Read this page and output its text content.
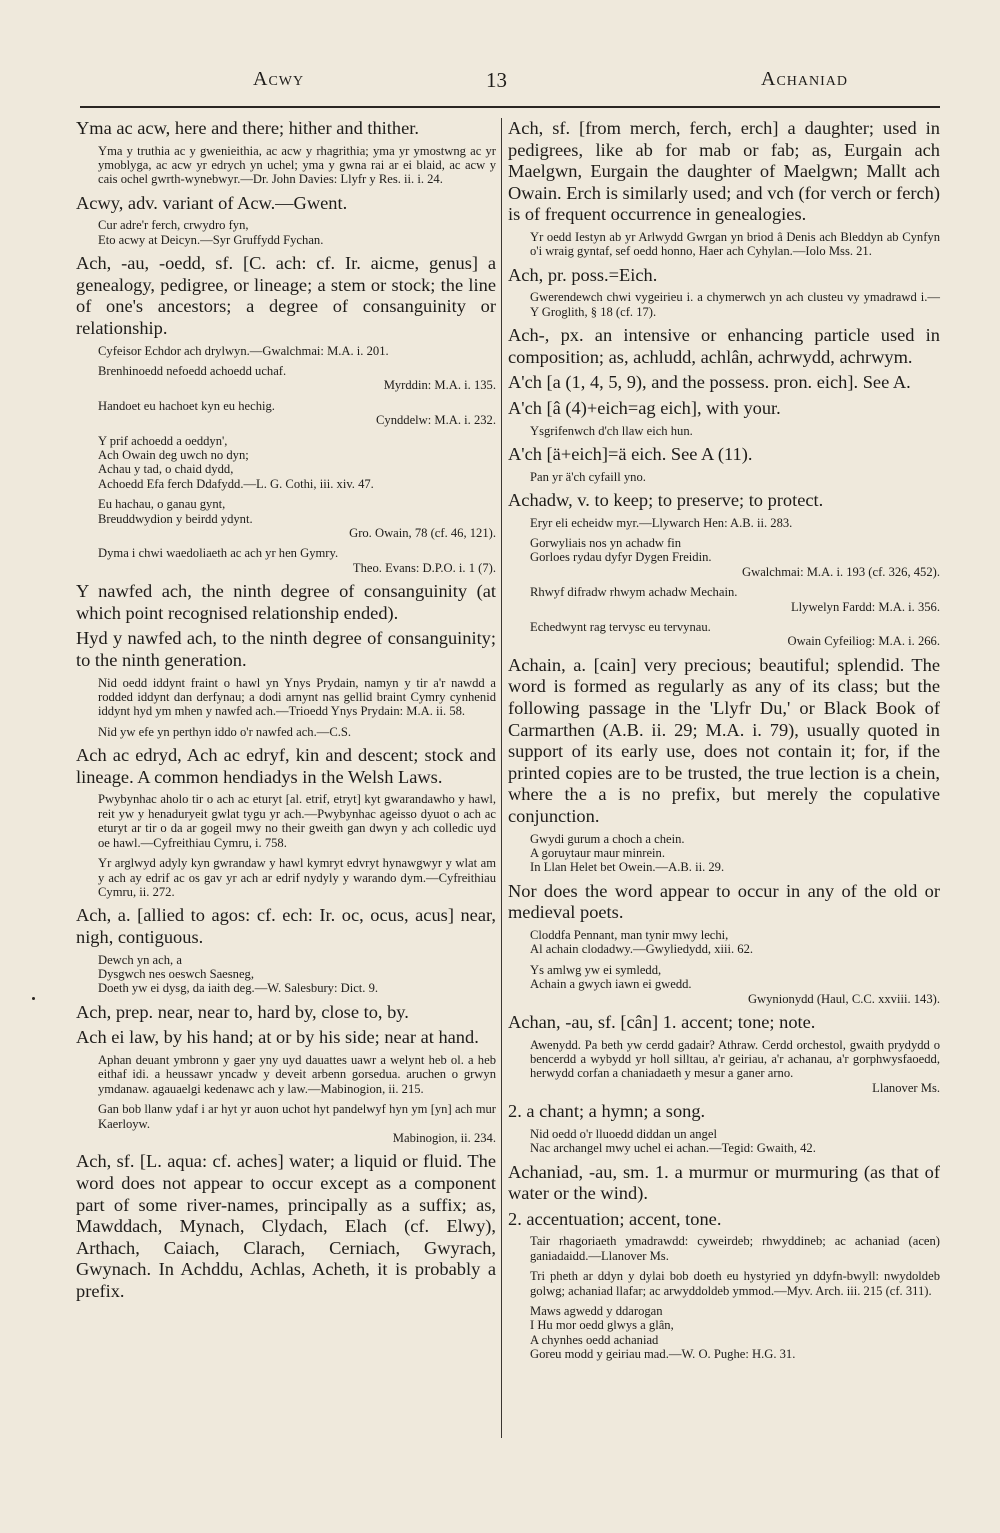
Acwy	13	Achaniad

Yma ac acw, here and there; hither and thither.

Yma y truthia ac y gwenieithia, ac acw y rhagrithia; yma yr ymostwng ac yr ymoblyga, ac acw yr edrych yn uchel; yma y gwna rai ar ei blaid, ac acw y cais ochel gwrth-wynebwyr.—Dr. John Davies: Llyfr y Res. ii. i. 24.

Acwy, adv. variant of Acw.—Gwent.

Cur adre'r ferch, crwydro fyn,
Eto acwy at Deicyn.—Syr Gruffydd Fychan.

Ach, -au, -oedd, sf. [C. ach: cf. Ir. aicme, genus] a genealogy, pedigree, or lineage; a stem or stock; the line of one's ancestors; a degree of consanguinity or relationship.

Cyfeisor Echdor ach drylwyn.—Gwalchmai: M.A. i. 201.
Brenhinoedd nefoedd achoedd uchaf.
Myrddin: M.A. i. 135.
Handoet eu hachoet kyn eu hechig.
Cynddelw: M.A. i. 232.
Y prif achoedd a oeddyn',
Ach Owain deg uwch no dyn;
Achau y tad, o chaid dydd,
Achoedd Efa ferch Ddafydd.—L. G. Cothi, iii. xiv. 47.
Eu hachau, o ganau gynt,
Breuddwydion y beirdd ydynt.
Gro. Owain, 78 (cf. 46, 121).
Dyma i chwi waedoliaeth ac ach yr hen Gymry.
Theo. Evans: D.P.O. i. 1 (7).

Y nawfed ach, the ninth degree of consanguinity (at which point recognised relationship ended).

Hyd y nawfed ach, to the ninth degree of consanguinity; to the ninth generation.

Nid oedd iddynt fraint o hawl yn Ynys Prydain, namyn y tir a'r nawdd a rodded iddynt dan derfynau; a dodi arnynt nas gellid braint Cymry cynhenid iddynt hyd ym mhen y nawfed ach.—Trioedd Ynys Prydain: M.A. ii. 58.
Nid yw efe yn perthyn iddo o'r nawfed ach.—C.S.

Ach ac edryd, Ach ac edryf, kin and descent; stock and lineage. A common hendiadys in the Welsh Laws.

Pwybynhac aholo tir o ach ac eturyt [al. etrif, etryt] kyt gwarandawho y hawl, reit yw y henaduryeit gwlat tygu yr ach.—Pwybynhac ageisso dyuot o ach ac eturyt ar tir o da ar gogeil mwy no their gweith gan dwyn y ach colledic uyd oe hawl.—Cyfreithiau Cymru, i. 758.
Yr arglwyd adyly kyn gwrandaw y hawl kymryt edvryt hynawgwyr y wlat am y ach ay edrif ac os gav yr ach ar edrif nydyly y warando dym.—Cyfreithiau Cymru, ii. 272.

Ach, a. [allied to agos: cf. ech: Ir. oc, ocus, acus] near, nigh, contiguous.

Dewch yn ach, a
Dysgwch nes oeswch Saesneg,
Doeth yw ei dysg, da iaith deg.—W. Salesbury: Dict. 9.

Ach, prep. near, near to, hard by, close to, by.

Ach ei law, by his hand; at or by his side; near at hand.

Aphan deuant ymbronn y gaer yny uyd dauattes uawr a welynt heb ol. a heb eithaf idi. a heussawr yncadw y deveit arbenn gorsedua. aruchen o grwyn ymdanaw. agauaelgi kedenawc ach y law.—Mabinogion, ii. 215.
Gan bob llanw ydaf i ar hyt yr auon uchot hyt pandelwyf hyn ym [yn] ach mur Kaerloyw.
Mabinogion, ii. 234.

Ach, sf. [L. aqua: cf. aches] water; a liquid or fluid. The word does not appear to occur except as a component part of some river-names, principally as a suffix; as, Mawddach, Mynach, Clydach, Elach (cf. Elwy), Arthach, Caiach, Clarach, Cerniach, Gwyrach, Gwynach. In Achddu, Achlas, Acheth, it is probably a prefix.

Ach, sf. [from merch, ferch, erch] a daughter; used in pedigrees, like ab for mab or fab; as, Eurgain ach Maelgwn, Eurgain the daughter of Maelgwn; Mallt ach Owain. Erch is similarly used; and vch (for verch or ferch) is of frequent occurrence in genealogies.

Yr oedd Iestyn ab yr Arlwydd Gwrgan yn briod â Denis ach Bleddyn ab Cynfyn o'i wraig gyntaf, sef oedd honno, Haer ach Cyhylan.—Iolo Mss. 21.

Ach, pr. poss.=Eich.

Gwerendewch chwi vygeirieu i. a chymerwch yn ach clusteu vy ymadrawd i.—Y Groglith, § 18 (cf. 17).

Ach-, px. an intensive or enhancing particle used in composition; as, achludd, achlân, achrwydd, achrwym.

A'ch [a (1, 4, 5, 9), and the possess. pron. eich]. See A.

A'ch [â (4)+eich=ag eich], with your.

Ysgrifenwch d'ch llaw eich hun.

A'ch [ä+eich]=ä eich. See A (11).

Pan yr ä'ch cyfaill yno.

Achadw, v. to keep; to preserve; to protect.

Eryr eli echeidw myr.—Llywarch Hen: A.B. ii. 283.
Gorwyliais nos yn achadw fin
Gorloes rydau dyfyr Dygen Freidin.
Gwalchmai: M.A. i. 193 (cf. 326, 452).
Rhwyf difradw rhwym achadw Mechain.
Llywelyn Fardd: M.A. i. 356.
Echedwynt rag tervysc eu tervynau.
Owain Cyfeiliog: M.A. i. 266.

Achain, a. [cain] very precious; beautiful; splendid. The word is formed as regularly as any of its class; but the following passage in the 'Llyfr Du,' or Black Book of Carmarthen (A.B. ii. 29; M.A. i. 79), usually quoted in support of its early use, does not contain it; for, if the printed copies are to be trusted, the true lection is a chein, where the a is no prefix, but merely the copulative conjunction.

Gwydi gurum a choch a chein.
A goruytaur maur minrein.
In Llan Helet bet Owein.—A.B. ii. 29.

Nor does the word appear to occur in any of the old or medieval poets.

Cloddfa Pennant, man tynir mwy lechi,
Al achain clodadwy.—Gwyliedydd, xiii. 62.
Ys amlwg yw ei symledd,
Achain a gwych iawn ei gwedd.
Gwynionydd (Haul, C.C. xxviii. 143).

Achan, -au, sf. [cân] 1. accent; tone; note.

Awenydd. Pa beth yw cerdd gadair? Athraw. Cerdd orchestol, gwaith prydydd o bencerdd a wybydd yr holl silltau, a'r geiriau, a'r achanau, a'r gorphwysfaoedd, herwydd corfan a chaniadaeth y mesur a ganer arno.
Llanover Ms.

2. a chant; a hymn; a song.

Nid oedd o'r lluoedd diddan un angel
Nac archangel mwy uchel ei achan.—Tegid: Gwaith, 42.

Achaniad, -au, sm. 1. a murmur or murmuring (as that of water or the wind).

2. accentuation; accent, tone.

Tair rhagoriaeth ymadrawdd: cyweirdeb; rhwyddineb; ac achaniad (acen) ganiadaidd.—Llanover Ms.
Tri pheth ar ddyn y dylai bob doeth eu hystyried yn ddyfn-bwyll: nwydoldeb golwg; achaniad llafar; ac arwyddoldeb ymmod.—Myv. Arch. iii. 215 (cf. 311).
Maws agwedd y ddarogan
I Hu mor oedd glwys a glân,
A chynhes oedd achaniad
Goreu modd y geiriau mad.—W. O. Pughe: H.G. 31.
